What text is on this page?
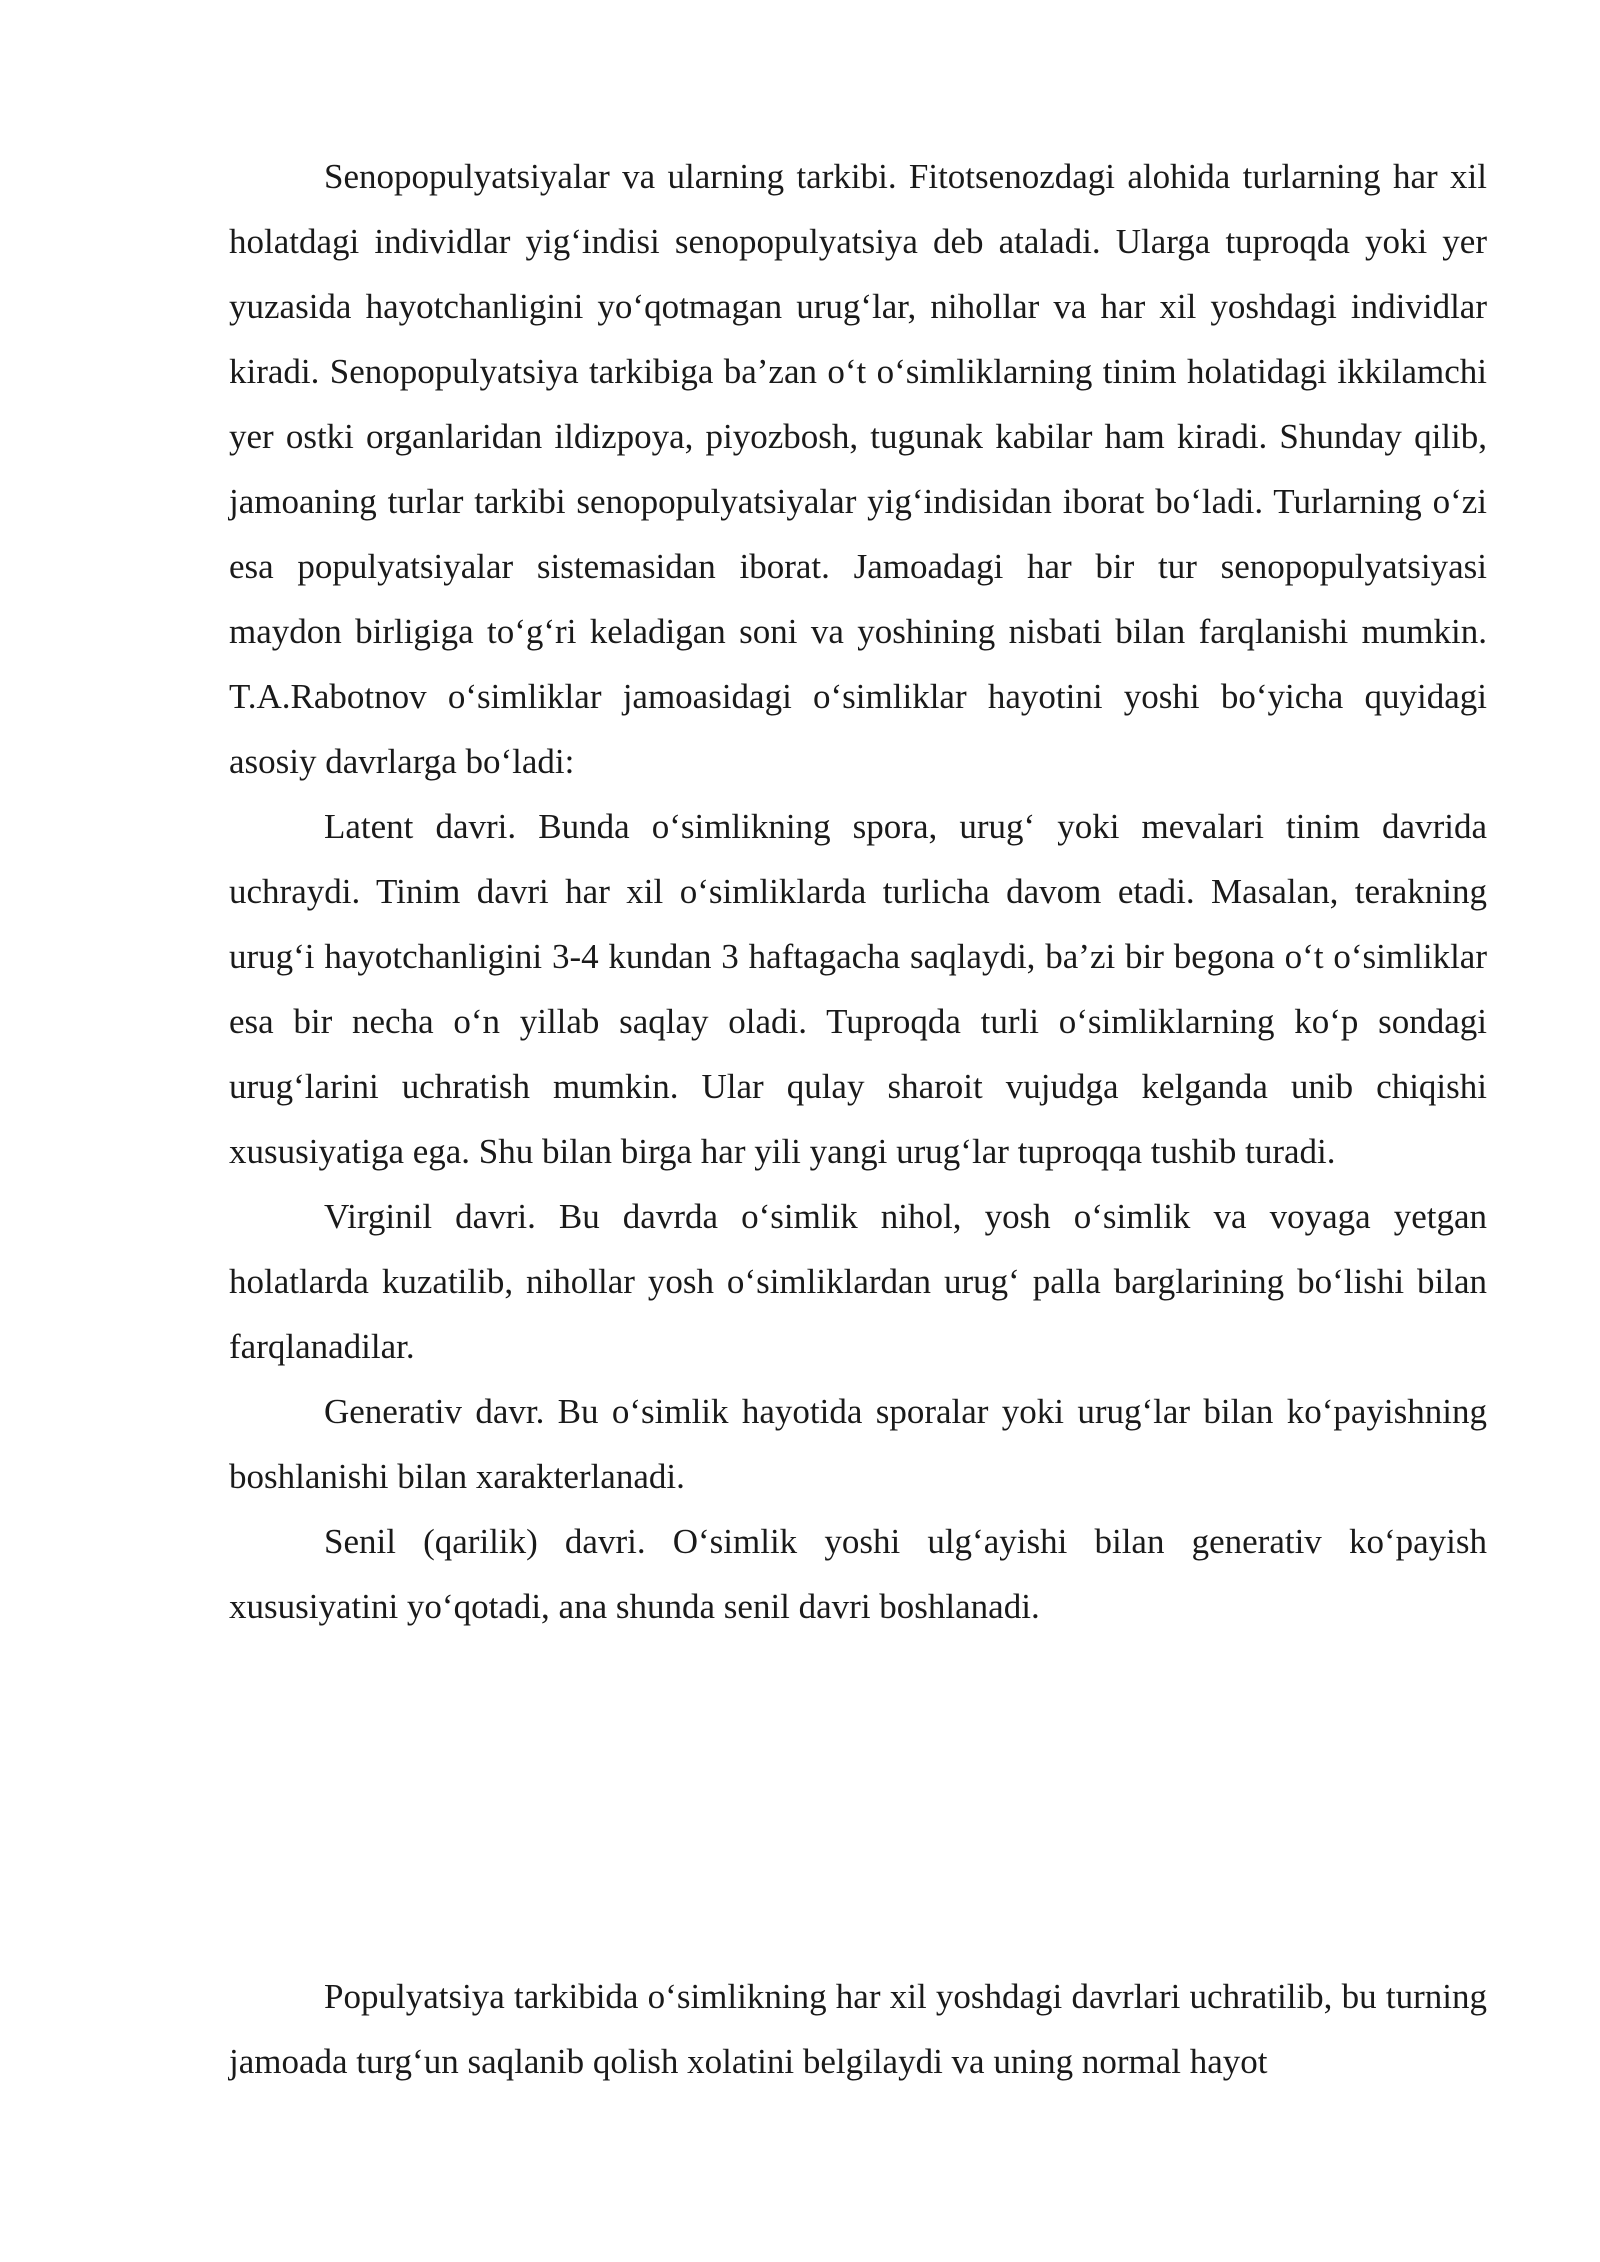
Senopopulyatsiyalar va ularning tarkibi. Fitotsenozdagi alohida turlarning har xil holatdagi individlar yig‘indisi senopopulyatsiya deb ataladi. Ularga tuproqda yoki yer yuzasida hayotchanligini yo‘qotmagan urug‘lar, nihollar va har xil yoshdagi individlar kiradi. Senopopulyatsiya tarkibiga ba’zan o‘t o‘simliklarning tinim holatidagi ikkilamchi yer ostki organlaridan ildizpoya, piyozbosh, tugunak kabilar ham kiradi. Shunday qilib, jamoaning turlar tarkibi senopopulyatsiyalar yig‘indisidan iborat bo‘ladi. Turlarning o‘zi esa populyatsiyalar sistemasidan iborat. Jamoadagi har bir tur senopopulyatsiyasi maydon birligiga to‘g‘ri keladigan soni va yoshining nisbati bilan farqlanishi mumkin. T.A.Rabotnov o‘simliklar jamoasidagi o‘simliklar hayotini yoshi bo‘yicha quyidagi asosiy davrlarga bo‘ladi:

Latent davri. Bunda o‘simlikning spora, urug‘ yoki mevalari tinim davrida uchraydi. Tinim davri har xil o‘simliklarda turlicha davom etadi. Masalan, terakning urug‘i hayotchanligini 3-4 kundan 3 haftagacha saqlaydi, ba’zi bir begona o‘t o‘simliklar esa bir necha o‘n yillab saqlay oladi. Tuproqda turli o‘simliklarning ko‘p sondagi urug‘larini uchratish mumkin. Ular qulay sharoit vujudga kelganda unib chiqishi xususiyatiga ega. Shu bilan birga har yili yangi urug‘lar tuproqqa tushib turadi.

Virginil davri. Bu davrda o‘simlik nihol, yosh o‘simlik va voyaga yetgan holatlarda kuzatilib, nihollar yosh o‘simliklardan urug‘ palla barglarining bo‘lishi bilan farqlanadilar.

Generativ davr. Bu o‘simlik hayotida sporalar yoki urug‘lar bilan ko‘payishning boshlanishi bilan xarakterlanadi.

Senil (qarilik) davri. O‘simlik yoshi ulg‘ayishi bilan generativ ko‘payish xususiyatini yo‘qotadi, ana shunda senil davri boshlanadi.

Populyatsiya tarkibida o‘simlikning har xil yoshdagi davrlari uchratilib, bu turning jamoada turg‘un saqlanib qolish xolatini belgilaydi va uning normal hayot
